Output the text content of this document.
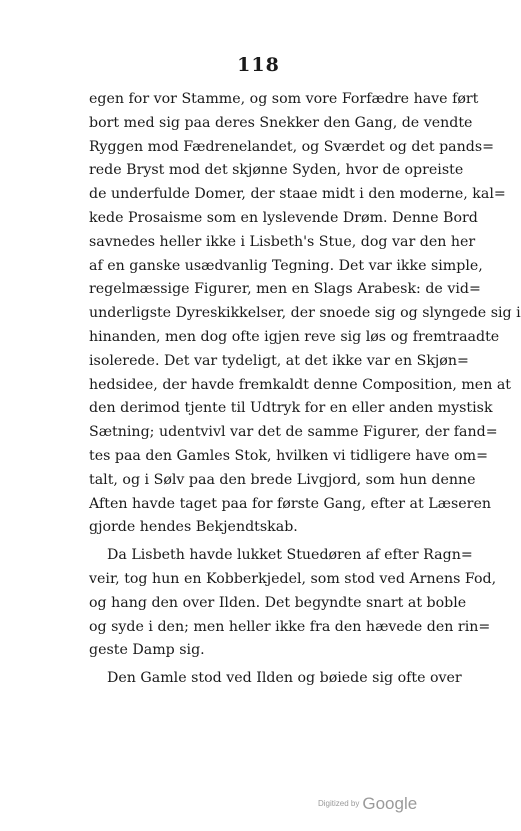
118
egen for vor Stamme, og som vore Forfædre have ført
bort med sig paa deres Snekker den Gang, de vendte
Ryggen mod Fædrenelandet, og Sværdet og det pands=
rede Bryst mod det skjønne Syden, hvor de opreiste
de underfulde Domer, der staae midt i den moderne, kal=
kede Prosaisme som en lyslevende Drøm. Denne Bord
savnedes heller ikke i Lisbeth's Stue, dog var den her
af en ganske usædvanlig Tegning. Det var ikke simple,
regelmæssige Figurer, men en Slags Arabesk: de vid=
underligste Dyreskikkelser, der snoede sig og slyngede sig i
hinanden, men dog ofte igjen reve sig løs og fremtraadte
isolerede. Det var tydeligt, at det ikke var en Skjøn=
hedsidee, der havde fremkaldt denne Composition, men at
den derimod tjente til Udtryk for en eller anden mystisk
Sætning; udentvivl var det de samme Figurer, der fand=
tes paa den Gamles Stok, hvilken vi tidligere have om=
talt, og i Sølv paa den brede Livgjord, som hun denne
Aften havde taget paa for første Gang, efter at Læseren
gjorde hendes Bekjendtskab.
Da Lisbeth havde lukket Stuedøren af efter Ragn=
veir, tog hun en Kobberkjedel, som stod ved Arnens Fod,
og hang den over Ilden. Det begyndte snart at boble
og syde i den; men heller ikke fra den hævede den rin=
geste Damp sig.
Den Gamle stod ved Ilden og bøiede sig ofte over
Digitized by Google
